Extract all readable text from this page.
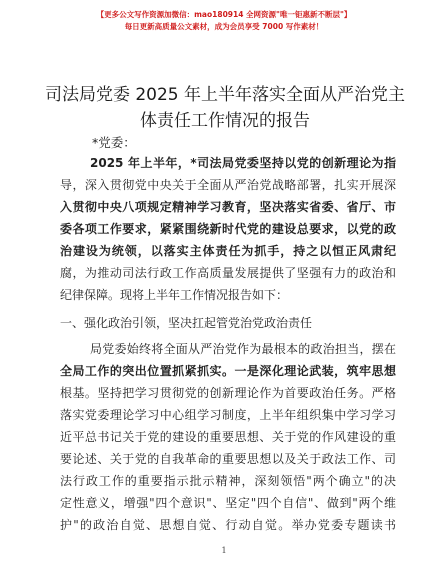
【更多公文写作资源加微信：mao180914 全网资源"唯一钜惠新不断层"】
每日更新高质量公文素材，成为会员享受 7000 写作素材！
司法局党委 2025 年上半年落实全面从严治党主
体责任工作情况的报告
*党委：
2025 年上半年，*司法局党委坚持以党的创新理论为指
导，深入贯彻党中央关于全面从严治党战略部署，扎实开展深
入贯彻中央八项规定精神学习教育，坚决落实省委、省厅、市
委各项工作要求，紧紧围绕新时代党的建设总要求，以党的政
治建设为统领，以落实主体责任为抓手，持之以恒正风肃纪
腐，为推动司法行政工作高质量发展提供了坚强有力的政治和
纪律保障。现将上半年工作情况报告如下：
一、强化政治引领，坚决扛起管党治党政治责任
局党委始终将全面从严治党作为最根本的政治担当，摆在
全局工作的突出位置抓紧抓实。一是深化理论武装，筑牢思想
根基。坚持把学习贯彻党的创新理论作为首要政治任务。严格
落实党委理论学习中心组学习制度，上半年组织集中学习学习
近平总书记关于党的建设的重要思想、关于党的作风建设的重
要论述、关于党的自我革命的重要思想以及关于政法工作、司
法行政工作的重要指示批示精神，深刻领悟"两个确立"的决
定性意义，增强"四个意识"、坚定"四个自信"、做到"两个维
护"的政治自觉、思想自觉、行动自觉。举办党委专题读书
1
